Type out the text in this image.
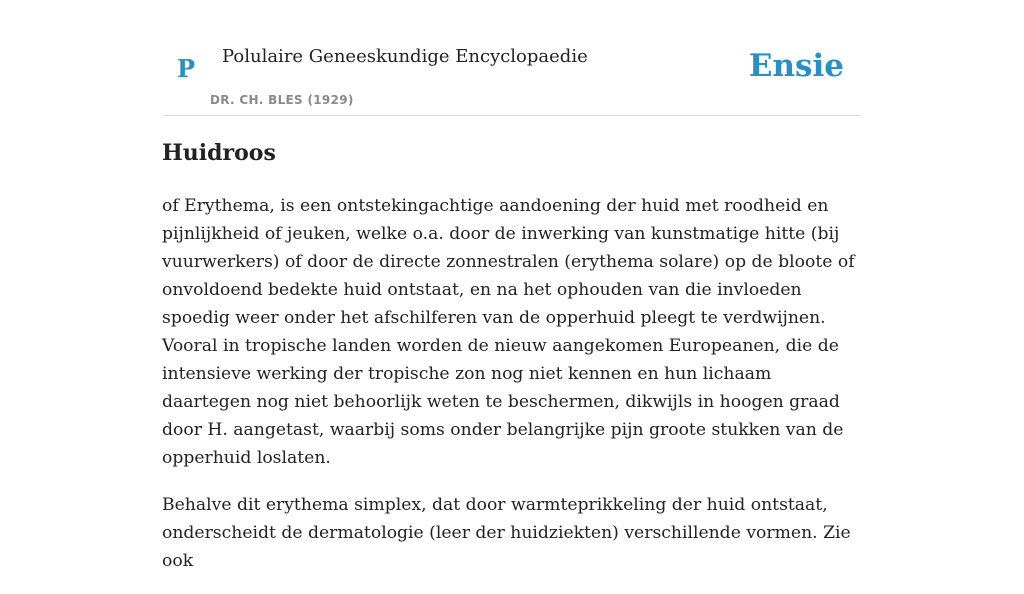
P Polulaire Geneeskundige Encyclopaedie
DR. CH. BLES (1929)
Ensie
Huidroos

of Erythema, is een ontstekingachtige aandoening der huid met roodheid en pijnlijkheid of jeuken, welke o.a. door de inwerking van kunstmatige hitte (bij vuurwerkers) of door de directe zonnestralen (erythema solare) op de bloote of onvoldoend bedekte huid ontstaat, en na het ophouden van die invloeden spoedig weer onder het afschilferen van de opperhuid pleegt te verdwijnen. Vooral in tropische landen worden de nieuw aangekomen Europeanen, die de intensieve werking der tropische zon nog niet kennen en hun lichaam daartegen nog niet behoorlijk weten te beschermen, dikwijls in hoogen graad door H. aangetast, waarbij soms onder belangrijke pijn groote stukken van de opperhuid loslaten.

Behalve dit erythema simplex, dat door warmteprikkeling der huid ontstaat, onderscheidt de dermatologie (leer der huidziekten) verschillende vormen. Zie ook
